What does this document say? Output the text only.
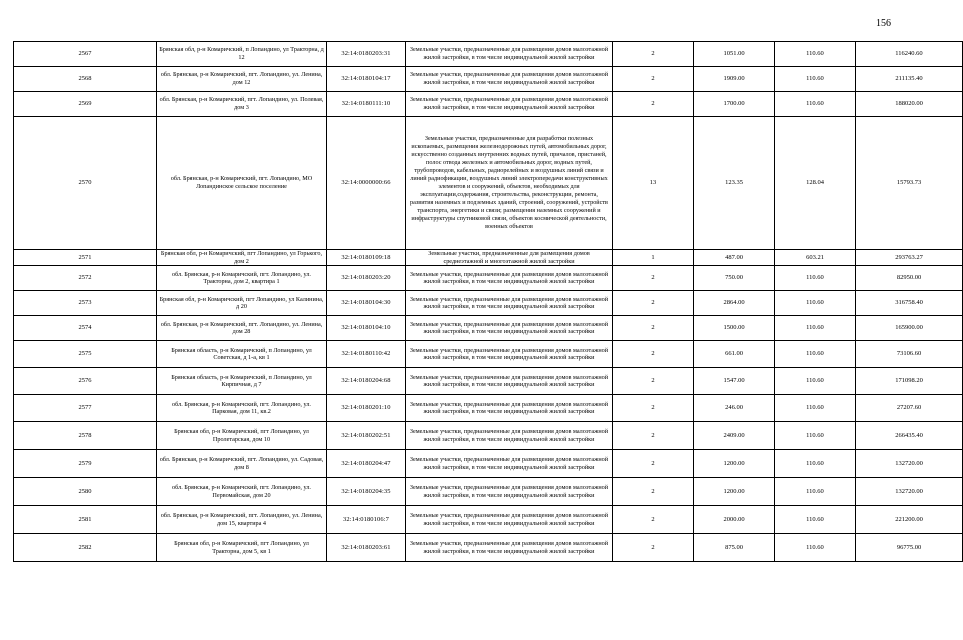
156
2567	Брянская обл, р-н Комаричский, п Лопандино, ул Тракторна, д 12	32:14:0180203:31	Земельные участки, предназначенные для размещения домов малоэтажной жилой застройки, в том числе индивидуальной жилой застройки	2	1051.00	110.60	116240.60
2568	обл. Брянская, р-н Комаричский, пгт. Лопандино, ул. Ленина, дом 12	32:14:0180104:17	Земельные участки, предназначенные для размещения домов малоэтажной жилой застройки, в том числе индивидуальной жилой застройки	2	1909.00	110.60	211135.40
2569	обл. Брянская, р-н Комаричский, пгт. Лопандино, ул. Полевая, дом 3	32:14:0180111:10	Земельные участки, предназначенные для размещения домов малоэтажной жилой застройки, в том числе индивидуальной жилой застройки	2	1700.00	110.60	188020.00
2570	обл. Брянская, р-н Комаричский, пгт. Лопандино, МО Лопандинское сельское поселение	32:14:0000000:66	Земельные участки, предназначенные для разработки полезных ископаемых, размещения железнодорожных путей, автомобильных дорог, искусственно созданных внутренних водных путей, причалов, пристаней, полос отвода железных и автомобильных дорог, водных путей, трубопроводов, кабельных, радиорелейных и воздушных линий связи и линий радиофикации, воздушных линий электропередачи конструктивных элементов и сооружений, объектов, необходимых для эксплуатации,содержания, строительства, реконструкции, ремонта, развития наземных и подземных зданий, строений, сооружений, устройств транспорта, энергетики и связи; размещения наземных сооружений и инфраструктуры спутниковой связи, объектов космической деятельности, военных объектов	13	123.35	128.04	15793.73
2571	Брянская обл, р-н Комаричский, пгт Лопандино, ул Горького, дом 2	32:14:0180109:18	Земельные участки, предназначенные для размещения домов среднеэтажной и многоэтажной жилой застройки	1	487.00	603.21	293763.27
2572	обл. Брянская, р-н Комаричский, пгт. Лопандино, ул. Тракторна, дом 2, квартира 1	32:14:0180203:20	Земельные участки, предназначенные для размещения домов малоэтажной жилой застройки, в том числе индивидуальной жилой застройки	2	750.00	110.60	82950.00
2573	Брянская обл, р-н Комаричский, пгт Лопандино, ул Калинина, д 20	32:14:0180104:30	Земельные участки, предназначенные для размещения домов малоэтажной жилой застройки, в том числе индивидуальной жилой застройки	2	2864.00	110.60	316758.40
2574	обл. Брянская, р-н Комаричский, пгт. Лопандино, ул. Ленина, дом 28	32:14:0180104:10	Земельные участки, предназначенные для размещения домов малоэтажной жилой застройки, в том числе индивидуальной жилой застройки	2	1500.00	110.60	165900.00
2575	Брянская область, р-н Комаричский, п Лопандино, ул Советская, д 1-а, кв 1	32:14:0180110:42	Земельные участки, предназначенные для размещения домов малоэтажной жилой застройки, в том числе индивидуальной жилой застройки	2	661.00	110.60	73106.60
2576	Брянская область, р-н Комаричский, п Лопандино, ул Кирпичная, д 7	32:14:0180204:68	Земельные участки, предназначенные для размещения домов малоэтажной жилой застройки, в том числе индивидуальной жилой застройки	2	1547.00	110.60	171098.20
2577	обл. Брянская, р-н Комаричский, пгт. Лопандино, ул. Парковая, дом 11, кв.2	32:14:0180201:10	Земельные участки, предназначенные для размещения домов малоэтажной жилой застройки, в том числе индивидуальной жилой застройки	2	246.00	110.60	27207.60
2578	Брянская обл, р-н Комаричский, пгт Лопандино, ул Пролетарская, дом 10	32:14:0180202:51	Земельные участки, предназначенные для размещения домов малоэтажной жилой застройки, в том числе индивидуальной жилой застройки	2	2409.00	110.60	266435.40
2579	обл. Брянская, р-н Комаричский, пгт. Лопандино, ул. Садовая, дом 8	32:14:0180204:47	Земельные участки, предназначенные для размещения домов малоэтажной жилой застройки, в том числе индивидуальной жилой застройки	2	1200.00	110.60	132720.00
2580	обл. Брянская, р-н Комаричский, пгт. Лопандино, ул. Первомайская, дом 20	32:14:0180204:35	Земельные участки, предназначенные для размещения домов малоэтажной жилой застройки, в том числе индивидуальной жилой застройки	2	1200.00	110.60	132720.00
2581	обл. Брянская, р-н Комаричский, пгт. Лопандино, ул. Ленина, дом 15, квартира 4	32:14:0180106:7	Земельные участки, предназначенные для размещения домов малоэтажной жилой застройки, в том числе индивидуальной жилой застройки	2	2000.00	110.60	221200.00
2582	Брянская обл, р-н Комаричский, пгт Лопандино, ул Тракторна, дом 5, кв 1	32:14:0180203:61	Земельные участки, предназначенные для размещения домов малоэтажной жилой застройки, в том числе индивидуальной жилой застройки	2	875.00	110.60	96775.00
